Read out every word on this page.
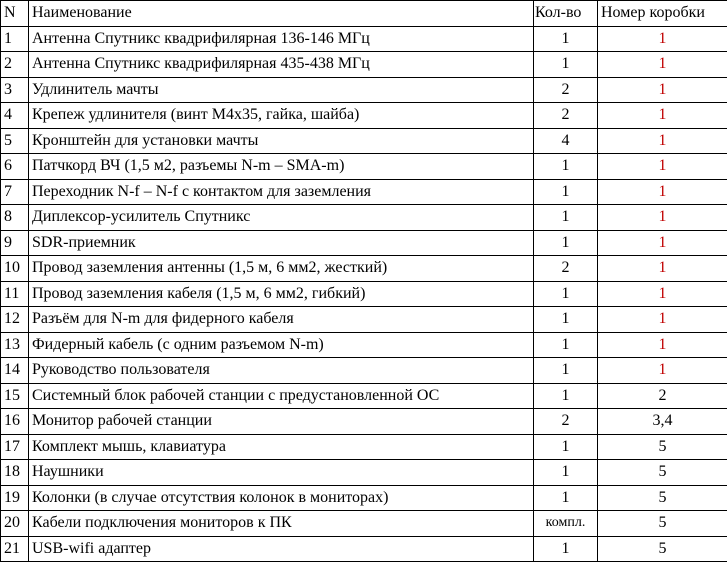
N	Наименование	Кол-во	Номер коробки
1	Антенна Спутникс квадрифилярная 136-146 МГц	1	1
2	Антенна Спутникс квадрифилярная 435-438 МГц	1	1
3	Удлинитель мачты	2	1
4	Крепеж удлинителя (винт М4х35, гайка, шайба)	2	1
5	Кронштейн для установки мачты	4	1
6	Патчкорд ВЧ (1,5 м2, разъемы N-m – SMA-m)	1	1
7	Переходник N-f – N-f с контактом для заземления	1	1
8	Диплексор-усилитель Спутникс	1	1
9	SDR-приемник	1	1
10	Провод заземления антенны (1,5 м, 6 мм2, жесткий)	2	1
11	Провод заземления кабеля (1,5 м, 6 мм2, гибкий)	1	1
12	Разъём для N-m для фидерного кабеля	1	1
13	Фидерный кабель (с одним разъемом N-m)	1	1
14	Руководство пользователя	1	1
15	Системный блок рабочей станции с предустановленной ОС	1	2
16	Монитор рабочей станции	2	3,4
17	Комплект мышь, клавиатура	1	5
18	Наушники	1	5
19	Колонки (в случае отсутствия колонок в мониторах)	1	5
20	Кабели подключения мониторов к ПК	компл.	5
21	USB-wifi адаптер	1	5
